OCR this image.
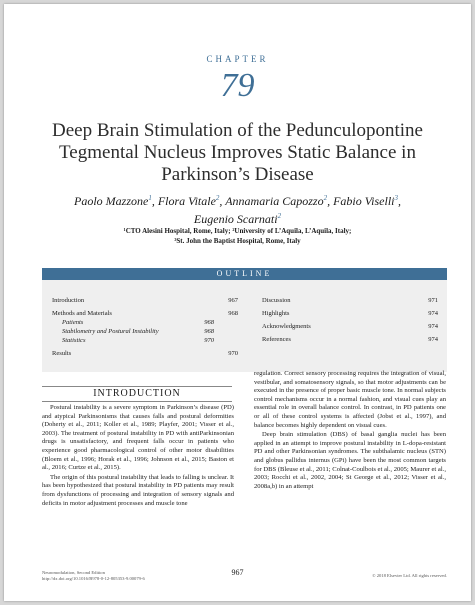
CHAPTER
79
Deep Brain Stimulation of the Pedunculopontine Tegmental Nucleus Improves Static Balance in Parkinson’s Disease
Paolo Mazzone$^1$, Flora Vitale$^2$, Annamaria Capozzo$^2$, Fabio Viselli$^3$,
Eugenio Scarnati$^2$
¹CTO Alesini Hospital, Rome, Italy; ²University of L’Aquila, L’Aquila, Italy;
³St. John the Baptist Hospital, Rome, Italy
OUTLINE
Introduction	967
Methods and Materials	968
Patients	968
Stabilometry and Postural Instability	968
Statistics	970
Results	970
Discussion	971
Highlights	974
Acknowledgments	974
References	974
INTRODUCTION

Postural instability is a severe symptom in Parkinson’s disease (PD) and atypical Parkinsonisms that causes falls and postural deformities (Doherty et al., 2011; Koller et al., 1989; Playfer, 2001; Visser et al., 2003). The treatment of postural instability in PD with antiParkinsonian drugs is unsatisfactory, and frequent falls occur in patients who experience good pharmacological control of other motor disabilities (Bloem et al., 1996; Horak et al., 1996; Johnson et al., 2015; Baston et al., 2016; Curtze et al., 2015).

The origin of this postural instability that leads to falling is unclear. It has been hypothesized that postural instability in PD patients may result from dysfunctions of processing and integration of sensory signals and deficits in motor adjustment processes and muscle tone

regulation. Correct sensory processing requires the integration of visual, vestibular, and somatosensory signals, so that motor adjustments can be executed in the presence of proper basic muscle tone. In normal subjects control mechanisms occur in a normal fashion, and visual cues play an essential role in overall balance control. In contrast, in PD patients one or all of these control systems is affected (Jobst et al., 1997), and balance becomes highly dependent on visual cues.

Deep brain stimulation (DBS) of basal ganglia nuclei has been applied in an attempt to improve postural instability in L-dopa-resistant PD and other Parkinsonian syndromes. The subthalamic nucleus (STN) and globus pallidus internus (GPi) have been the most common targets for DBS (Bleuse et al., 2011; Colnat-Coulbois et al., 2005; Maurer et al., 2003; Rocchi et al., 2002, 2004; St George et al., 2012; Visser et al., 2008a,b) in an attempt

Neuromodulation, Second Edition
http://dx.doi.org/10.1016/B978-0-12-805353-9.00079-6
967	© 2018 Elsevier Ltd. All rights reserved.
